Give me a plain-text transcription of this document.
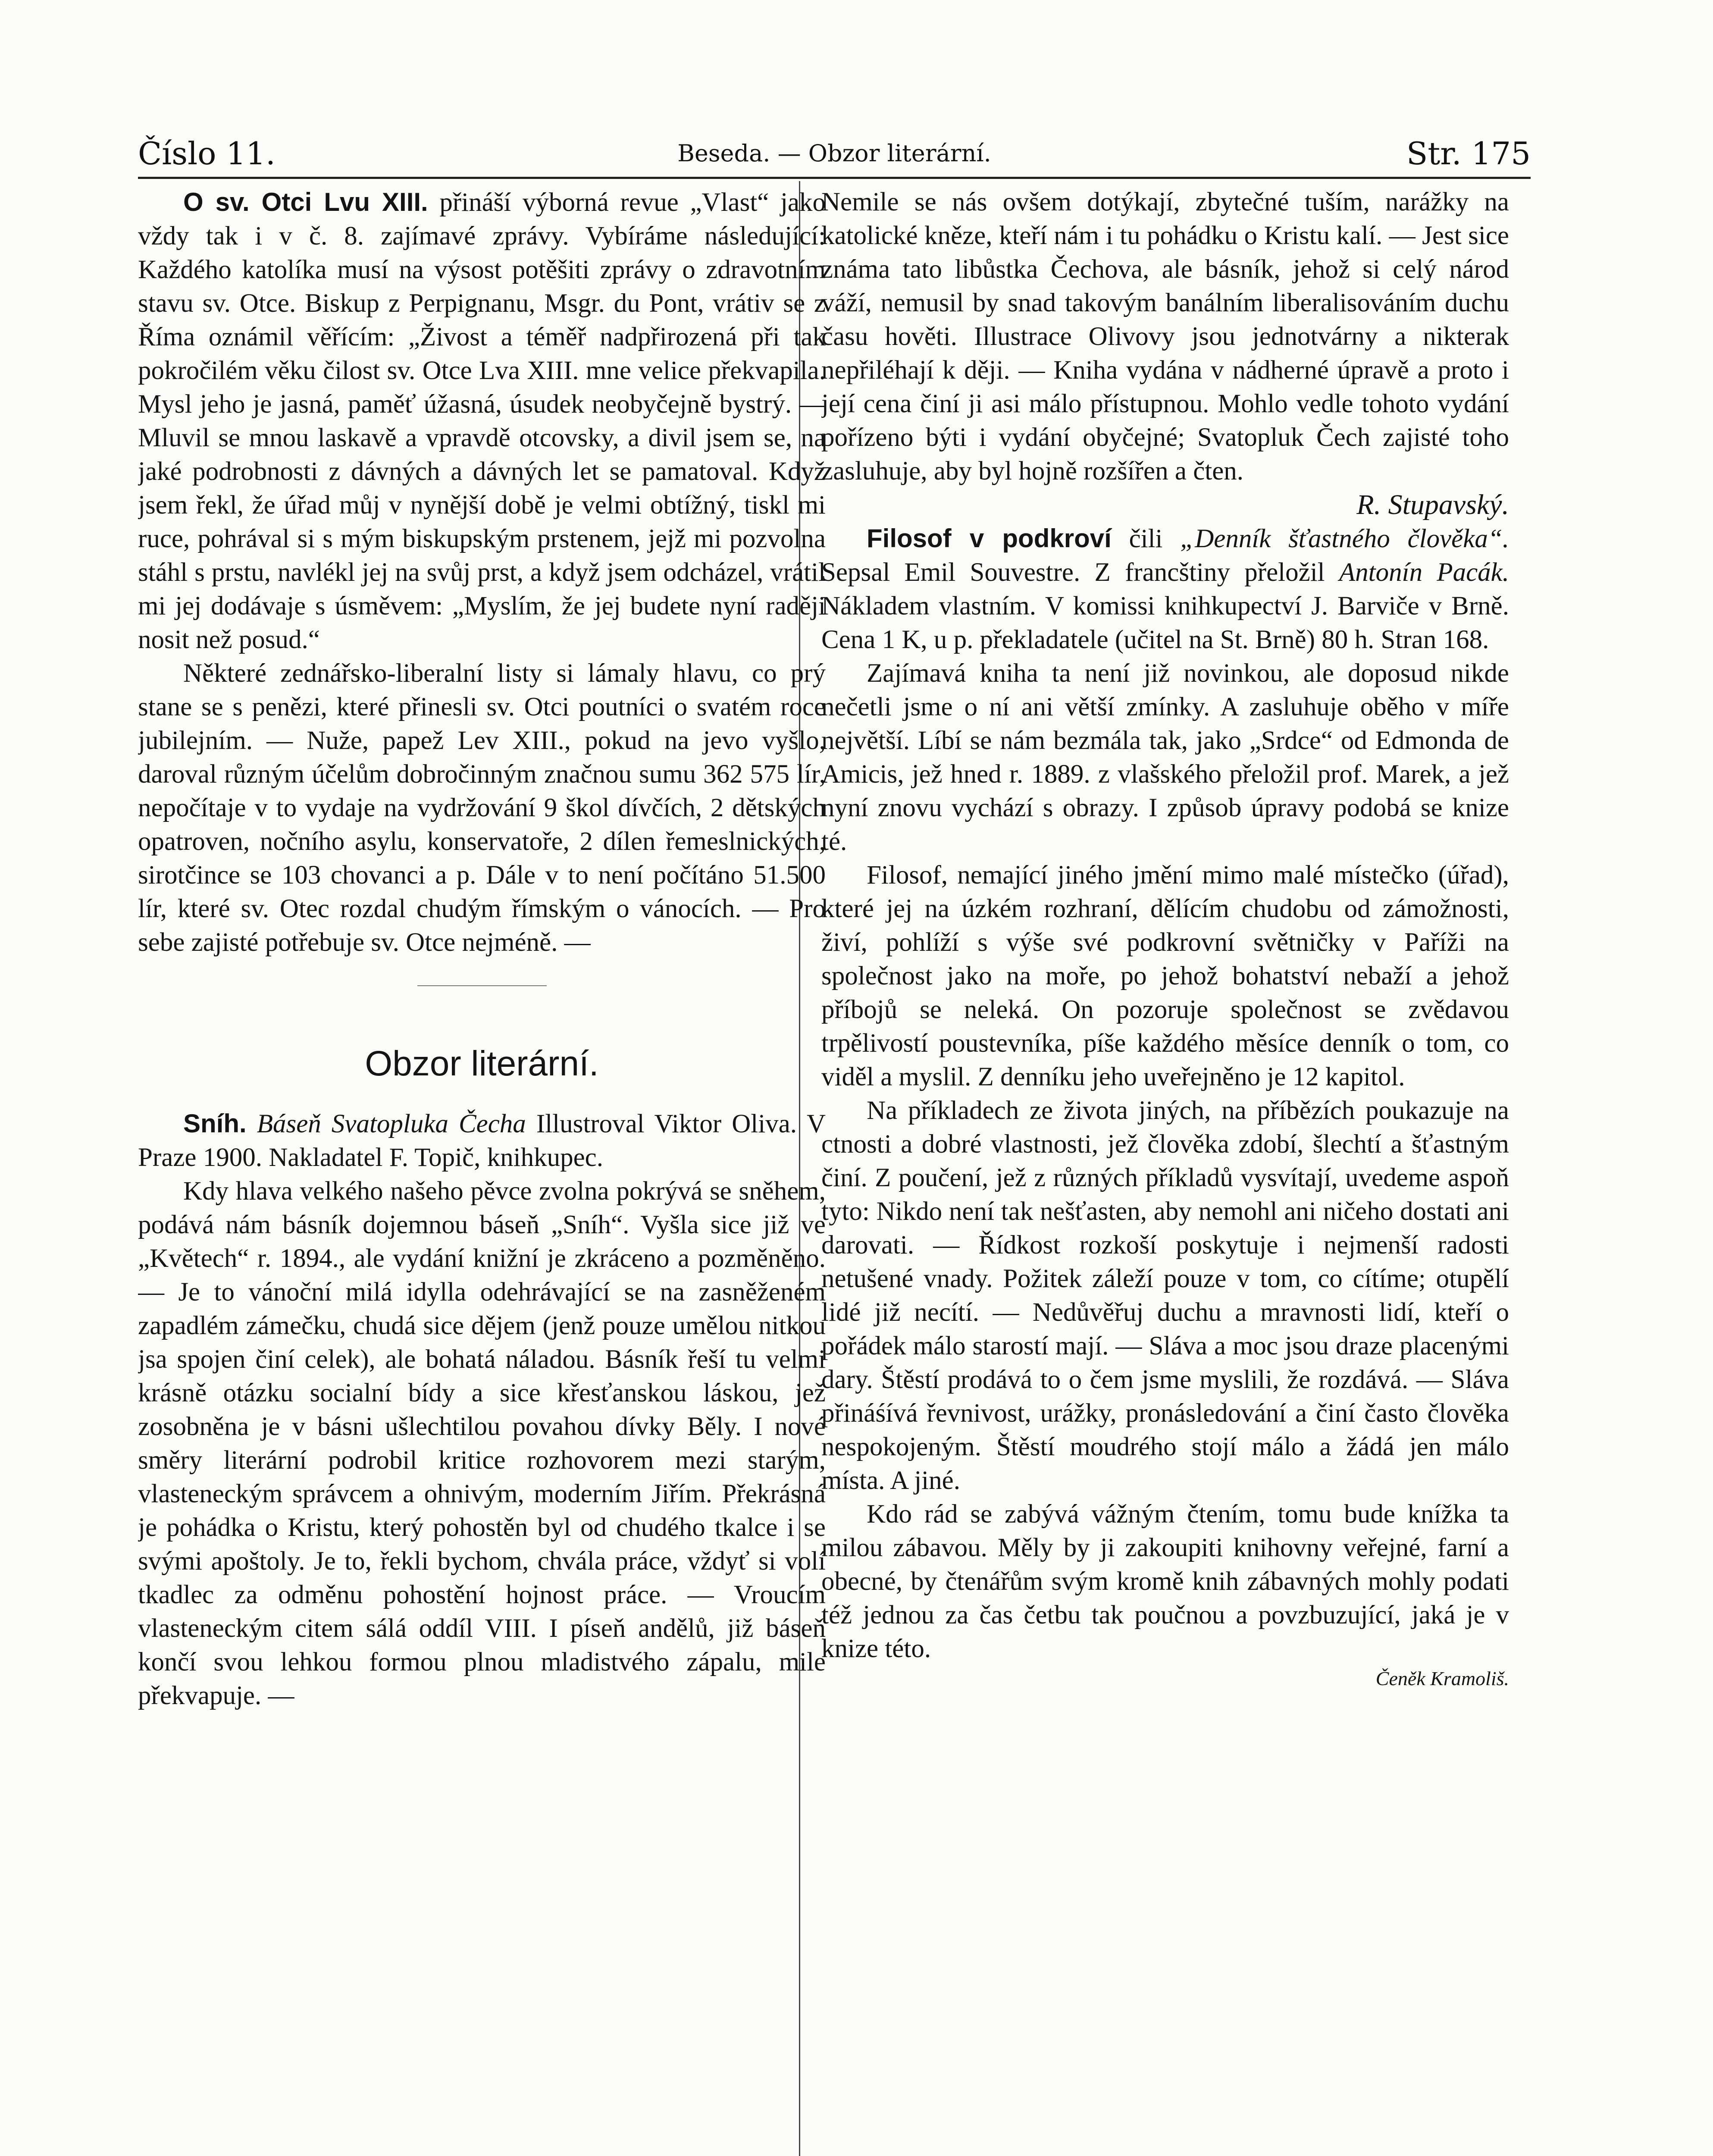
Číslo 11.	Beseda. — Obzor literární.	Str. 175

O sv. Otci Lvu XIII. přináší výborná revue „Vlast“ jako vždy tak i v č. 8. zajímavé zprávy. Vybíráme následující: Každého katolíka musí na výsost potěšiti zprávy o zdravotním stavu sv. Otce. Biskup z Perpignanu, Msgr. du Pont, vrátiv se z Říma oznámil věřícím: „Živost a téměř nadpřirozená při tak pokročilém věku čilost sv. Otce Lva XIII. mne velice překvapila. Mysl jeho je jasná, paměť úžasná, úsudek neobyčejně bystrý. — Mluvil se mnou laskavě a vpravdě otcovsky, a divil jsem se, na jaké podrobnosti z dávných a dávných let se pamatoval. Když jsem řekl, že úřad můj v nynější době je velmi obtížný, tiskl mi ruce, pohrával si s mým biskupským prstenem, jejž mi pozvolna stáhl s prstu, navlékl jej na svůj prst, a když jsem odcházel, vrátil mi jej dodávaje s úsměvem: „Myslím, že jej budete nyní raději nosit než posud.“

Některé zednářsko-liberalní listy si lámaly hlavu, co prý stane se s penězi, které přinesli sv. Otci poutníci o svatém roce jubilejním. — Nuže, papež Lev XIII., pokud na jevo vyšlo, daroval různým účelům dobročinným značnou sumu 362 575 lír, nepočítaje v to vydaje na vydržování 9 škol dívčích, 2 dětských opatroven, nočního asylu, konservatoře, 2 dílen řemeslnických, sirotčince se 103 chovanci a p. Dále v to není počítáno 51.500 lír, které sv. Otec rozdal chudým římským o vánocích. — Pro sebe zajisté potřebuje sv. Otce nejméně. —

Obzor literární.

Sníh. Báseň Svatopluka Čecha Illustroval Viktor Oliva. V Praze 1900. Nakladatel F. Topič, knihkupec.

Kdy hlava velkého našeho pěvce zvolna pokrývá se sněhem, podává nám básník dojemnou báseň „Sníh“. Vyšla sice již ve „Květech“ r. 1894., ale vydání knižní je zkráceno a pozměněno. — Je to vánoční milá idylla odehrávající se na zasněženém zapadlém zámečku, chudá sice dějem (jenž pouze umělou nitkou jsa spojen činí celek), ale bohatá náladou. Básník řeší tu velmi krásně otázku socialní bídy a sice křesťanskou láskou, jež zosobněna je v básni ušlechtilou povahou dívky Běly. I nové směry literární podrobil kritice rozhovorem mezi starým, vlasteneckým správcem a ohnivým, moderním Jiřím. Překrásná je pohádka o Kristu, který pohostěn byl od chudého tkalce i se svými apoštoly. Je to, řekli bychom, chvála práce, vždyť si volí tkadlec za odměnu pohostění hojnost práce. — Vroucím vlasteneckým citem sálá oddíl VIII. I píseň andělů, již báseň končí svou lehkou formou plnou mladistvého zápalu, mile překvapuje. —

Nemile se nás ovšem dotýkají, zbytečné tuším, narážky na katolické kněze, kteří nám i tu pohádku o Kristu kalí. — Jest sice známa tato libůstka Čechova, ale básník, jehož si celý národ váží, nemusil by snad takovým banálním liberalisováním duchu času hověti. Illustrace Olivovy jsou jednotvárny a nikterak nepřiléhají k ději. — Kniha vydána v nádherné úpravě a proto i její cena činí ji asi málo přístupnou. Mohlo vedle tohoto vydání pořízeno býti i vydání obyčejné; Svatopluk Čech zajisté toho zasluhuje, aby byl hojně rozšířen a čten.

R. Stupavský.

Filosof v podkroví čili „Denník šťastného člověka“. Sepsal Emil Souvestre. Z francštiny přeložil Antonín Pacák. Nákladem vlastním. V komissi knihkupectví J. Barviče v Brně. Cena 1 K, u p. překladatele (učitel na St. Brně) 80 h. Stran 168.

Zajímavá kniha ta není již novinkou, ale doposud nikde nečetli jsme o ní ani větší zmínky. A zasluhuje oběho v míře největší. Líbí se nám bezmála tak, jako „Srdce“ od Edmonda de Amicis, jež hned r. 1889. z vlašského přeložil prof. Marek, a jež nyní znovu vychází s obrazy. I způsob úpravy podobá se knize té.

Filosof, nemající jiného jmění mimo malé místečko (úřad), které jej na úzkém rozhraní, dělícím chudobu od zámožnosti, živí, pohlíží s výše své podkrovní světničky v Paříži na společnost jako na moře, po jehož bohatství nebaží a jehož příbojů se neleká. On pozoruje společnost se zvědavou trpělivostí poustevníka, píše každého měsíce denník o tom, co viděl a myslil. Z denníku jeho uveřejněno je 12 kapitol.

Na příkladech ze života jiných, na příbězích poukazuje na ctnosti a dobré vlastnosti, jež člověka zdobí, šlechtí a šťastným činí. Z poučení, jež z různých příkladů vysvítají, uvedeme aspoň tyto: Nikdo není tak nešťasten, aby nemohl ani ničeho dostati ani darovati. — Řídkost rozkoší poskytuje i nejmenší radosti netušené vnady. Požitek záleží pouze v tom, co cítíme; otupělí lidé již necítí. — Nedůvěřuj duchu a mravnosti lidí, kteří o pořádek málo starostí mají. — Sláva a moc jsou draze placenými dary. Štěstí prodává to o čem jsme myslili, že rozdává. — Sláva přináśívá řevnivost, urážky, pronásledování a činí často člověka nespokojeným. Štěstí moudrého stojí málo a žádá jen málo místa. A jiné.

Kdo rád se zabývá vážným čtením, tomu bude knížka ta milou zábavou. Měly by ji zakoupiti knihovny veřejné, farní a obecné, by čtenářům svým kromě knih zábavných mohly podati též jednou za čas četbu tak poučnou a povzbuzující, jaká je v knize této.

Čeněk Kramoliš.
